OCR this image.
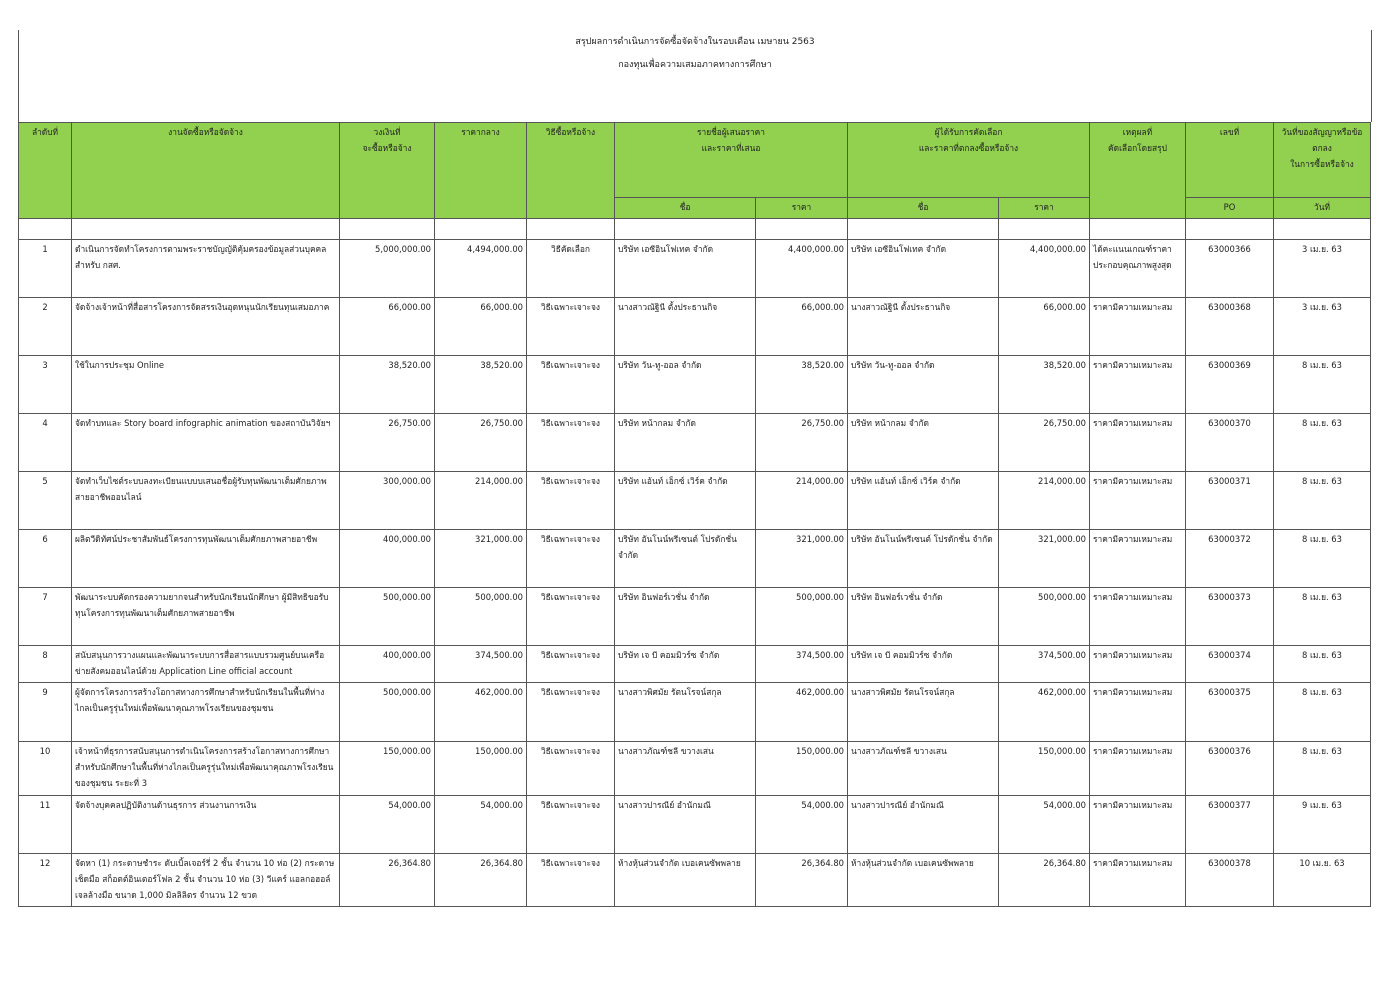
สรุปผลการดำเนินการจัดซื้อจัดจ้างในรอบเดือน เมษายน 2563
กองทุนเพื่อความเสมอภาคทางการศึกษา
ลำดับที่	งานจัดซื้อหรือจัดจ้าง	วงเงินที่
จะซื้อหรือจ้าง	ราคากลาง	วิธีซื้อหรือจ้าง	รายชื่อผู้เสนอราคา
และราคาที่เสนอ		ผู้ได้รับการคัดเลือก
และราคาที่ตกลงซื้อหรือจ้าง		เหตุผลที่
คัดเลือกโดยสรุป	เลขที่	วันที่ของสัญญาหรือข้อตกลง
ในการซื้อหรือจ้าง
					ชื่อ	ราคา	ชื่อ	ราคา		PO	วันที่

1	ดำเนินการจัดทำโครงการตามพระราชบัญญัติคุ้มครองข้อมูลส่วนบุคคล สำหรับ กสศ.	5,000,000.00	4,494,000.00	วิธีคัดเลือก	บริษัท เอซีอินโฟเทค จำกัด	4,400,000.00	บริษัท เอซีอินโฟเทค จำกัด	4,400,000.00	ได้คะแนนเกณฑ์ราคาประกอบคุณภาพสูงสุด	63000366	3 เม.ย. 63
2	จัดจ้างเจ้าหน้าที่สื่อสารโครงการจัดสรรเงินอุดหนุนนักเรียนทุนเสมอภาค	66,000.00	66,000.00	วิธีเฉพาะเจาะจง	นางสาวณัฐินี ตั้งประธานกิจ	66,000.00	นางสาวณัฐินี ตั้งประธานกิจ	66,000.00	ราคามีความเหมาะสม	63000368	3 เม.ย. 63
3	ใช้ในการประชุม Online	38,520.00	38,520.00	วิธีเฉพาะเจาะจง	บริษัท วัน-ทู-ออล จำกัด	38,520.00	บริษัท วัน-ทู-ออล จำกัด	38,520.00	ราคามีความเหมาะสม	63000369	8 เม.ย. 63
4	จัดทำบทและ Story board infographic animation ของสถาบันวิจัยฯ	26,750.00	26,750.00	วิธีเฉพาะเจาะจง	บริษัท หน้ากลม จำกัด	26,750.00	บริษัท หน้ากลม จำกัด	26,750.00	ราคามีความเหมาะสม	63000370	8 เม.ย. 63
5	จัดทำเว็บไซต์ระบบลงทะเบียนแบบบเสนอชื่อผู้รับทุนพัฒนาเต็มศักยภาพสายอาชีพออนไลน์	300,000.00	214,000.00	วิธีเฉพาะเจาะจง	บริษัท แอ้นท์ เอ็กซ์ เวิร์ค จำกัด	214,000.00	บริษัท แอ้นท์ เอ็กซ์ เวิร์ค จำกัด	214,000.00	ราคามีความเหมาะสม	63000371	8 เม.ย. 63
6	ผลิตวีดิทัศน์ประชาสัมพันธ์โครงการทุนพัฒนาเต็มศักยภาพสายอาชีพ	400,000.00	321,000.00	วิธีเฉพาะเจาะจง	บริษัท อันโนน์พรีเซนต์ โปรดักชั่น จำกัด	321,000.00	บริษัท อันโนน์พรีเซนต์ โปรดักชั่น จำกัด	321,000.00	ราคามีความเหมาะสม	63000372	8 เม.ย. 63
7	พัฒนาระบบคัดกรองความยากจนสำหรับนักเรียนนักศึกษา ผู้มีสิทธิขอรับทุนโครงการทุนพัฒนาเต็มศักยภาพสายอาชีพ	500,000.00	500,000.00	วิธีเฉพาะเจาะจง	บริษัท อินฟอร์เวชั่น จำกัด	500,000.00	บริษัท อินฟอร์เวชั่น จำกัด	500,000.00	ราคามีความเหมาะสม	63000373	8 เม.ย. 63
8	สนับสนุนการวางแผนและพัฒนาระบบการสื่อสารแบบรวมศูนย์บนเครือข่ายสังคมออนไลน์ด้วย Application Line official account	400,000.00	374,500.00	วิธีเฉพาะเจาะจง	บริษัท เจ บี คอมมิวร์ซ จำกัด	374,500.00	บริษัท เจ บี คอมมิวร์ซ จำกัด	374,500.00	ราคามีความเหมาะสม	63000374	8 เม.ย. 63
9	ผู้จัดการโครงการสร้างโอกาสทางการศึกษาสำหรับนักเรียนในพื้นที่ห่างไกลเป็นครูรุ่นใหม่เพื่อพัฒนาคุณภาพโรงเรียนของชุมชน	500,000.00	462,000.00	วิธีเฉพาะเจาะจง	นางสาวพิศมัย รัตนโรจน์สกุล	462,000.00	นางสาวพิศมัย รัตนโรจน์สกุล	462,000.00	ราคามีความเหมาะสม	63000375	8 เม.ย. 63
10	เจ้าหน้าที่ธุรการสนับสนุนการดำเนินโครงการสร้างโอกาสทางการศึกษาสำหรับนักศึกษาในพื้นที่ห่างไกลเป็นครูรุ่นใหม่เพื่อพัฒนาคุณภาพโรงเรียนของชุมชน ระยะที่ 3	150,000.00	150,000.00	วิธีเฉพาะเจาะจง	นางสาวภัณฑ์ชลี ขวางเสน	150,000.00	นางสาวภัณฑ์ชลี ขวางเสน	150,000.00	ราคามีความเหมาะสม	63000376	8 เม.ย. 63
11	จัดจ้างบุคคลปฏิบัติงานด้านธุรการ ส่วนงานการเงิน	54,000.00	54,000.00	วิธีเฉพาะเจาะจง	นางสาวปารณีย์ อำนักมณี	54,000.00	นางสาวปารณีย์ อำนักมณี	54,000.00	ราคามีความเหมาะสม	63000377	9 เม.ย. 63
12	จัดหา (1) กระดาษชำระ ดับเบิ้ลเจอร์รี่ 2 ชั้น จำนวน 10 ห่อ (2) กระดาษเช็ดมือ สก็อตต์อินเตอร์โฟล 2 ชั้น จำนวน 10 ห่อ (3) วีแคร์ แอลกอฮอล์เจลล้างมือ ขนาด 1,000 มิลลิลิตร จำนวน 12 ขวด	26,364.80	26,364.80	วิธีเฉพาะเจาะจง	ห้างหุ้นส่วนจำกัด เบอเคนซัพพลาย	26,364.80	ห้างหุ้นส่วนจำกัด เบอเคนซัพพลาย	26,364.80	ราคามีความเหมาะสม	63000378	10 เม.ย. 63
